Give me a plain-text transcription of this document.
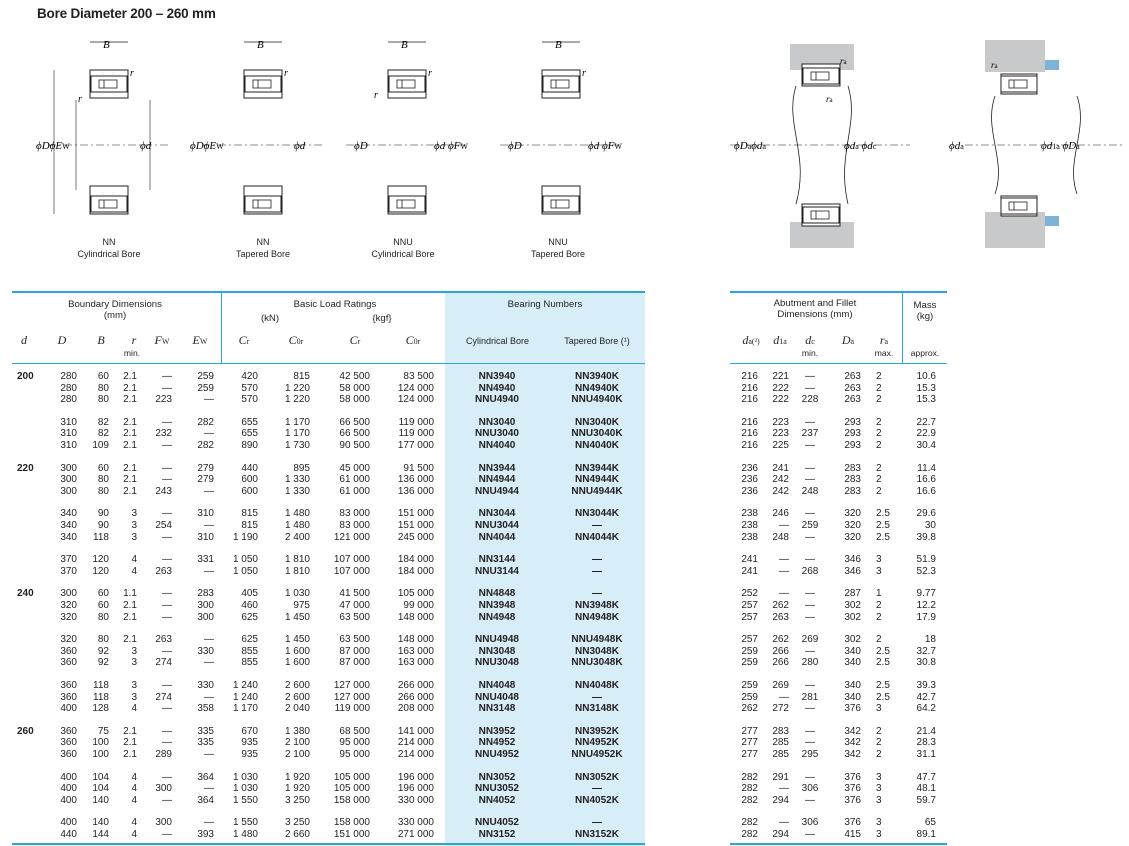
Bore Diameter 200 – 260 mm
B
ϕDϕEW	ϕd
r
r
B
ϕDϕEW	ϕd
r
B
ϕD	ϕd ϕFW
r
r
B
ϕD	ϕd ϕFW
r
ϕDaϕda	ϕda ϕdc
ra
ra
ϕda	ϕd1a ϕDa
ra
NN
Cylindrical Bore
NN
Tapered Bore
NNU
Cylindrical Bore
NNU
Tapered Bore
Boundary Dimensions
(mm)
Basic Load Ratings
(kN)	{kgf}
Bearing Numbers
Cylindrical Bore	Tapered Bore (¹)
Abutment and Fillet
Dimensions (mm)
Mass
(kg)
d	D	B	r
min.
FW	EW	Cr	C0r	Cr	C0r	da(²)	d1a	dc
min.
Da	ra
max.	approx.
200	280	60	2.1	—	259	420	815	42 500	83 500	NN3940	NN3940K	216	221	—	263 2	10.6
280	80	2.1	—	259	570	1 220	58 000	124 000	NN4940	NN4940K	216	222	—	263 2	15.3
280	80	2.1	223	—	570	1 220	58 000	124 000	NNU4940	NNU4940K	216	222	228	263 2	15.3
310	82	2.1	—	282	655	1 170	66 500	119 000	NN3040	NN3040K	216	223	—	293 2	22.7
310	82	2.1	232	—	655	1 170	66 500	119 000	NNU3040	NNU3040K	216	223	237	293 2	22.9
310	109	2.1	—	282	890	1 730	90 500	177 000	NN4040	NN4040K	216	225	—	293 2	30.4
220	300	60	2.1	—	279	440	895	45 000	91 500	NN3944	NN3944K	236	241	—	283 2	11.4
300	80	2.1	—	279	600	1 330	61 000	136 000	NN4944	NN4944K	236	242	—	283 2	16.6
300	80	2.1	243	—	600	1 330	61 000	136 000	NNU4944	NNU4944K	236	242	248	283 2	16.6
340	90	3	—	310	815	1 480	83 000	151 000	NN3044	NN3044K	238	246	—	320 2.5	29.6
340	90	3	254	—	815	1 480	83 000	151 000	NNU3044	—	238	—	259	320 2.5	30
340	118	3	—	310	1 190	2 400	121 000	245 000	NN4044	NN4044K	238	248	—	320 2.5	39.8
370	120	4	—	331	1 050	1 810	107 000	184 000	NN3144	—	241	—	—	346 3	51.9
370	120	4	263	—	1 050	1 810	107 000	184 000	NNU3144	—	241	—	268	346 3	52.3
240	300	60	1.1	—	283	405	1 030	41 500	105 000	NN4848	—	252	—	—	287 1	9.77
320	60	2.1	—	300	460	975	47 000	99 000	NN3948	NN3948K	257	262	—	302 2	12.2
320	80	2.1	—	300	625	1 450	63 500	148 000	NN4948	NN4948K	257	263	—	302 2	17.9
320	80	2.1	263	—	625	1 450	63 500	148 000	NNU4948	NNU4948K	257	262	269	302 2	18
360	92	3	—	330	855	1 600	87 000	163 000	NN3048	NN3048K	259	266	—	340 2.5	32.7
360	92	3	274	—	855	1 600	87 000	163 000	NNU3048	NNU3048K	259	266	280	340 2.5	30.8
360	118	3	—	330	1 240	2 600	127 000	266 000	NN4048	NN4048K	259	269	—	340 2.5	39.3
360	118	3	274	—	1 240	2 600	127 000	266 000	NNU4048	—	259	—	281	340 2.5	42.7
400	128	4	—	358	1 170	2 040	119 000	208 000	NN3148	NN3148K	262	272	—	376 3	64.2
260	360	75	2.1	—	335	670	1 380	68 500	141 000	NN3952	NN3952K	277	283	—	342 2	21.4
360	100	2.1	—	335	935	2 100	95 000	214 000	NN4952	NN4952K	277	285	—	342 2	28.3
360	100	2.1	289	—	935	2 100	95 000	214 000	NNU4952	NNU4952K	277	285	295	342 2	31.1
400	104	4	—	364	1 030	1 920	105 000	196 000	NN3052	NN3052K	282	291	—	376 3	47.7
400	104	4	300	—	1 030	1 920	105 000	196 000	NNU3052	—	282	—	306	376 3	48.1
400	140	4	—	364	1 550	3 250	158 000	330 000	NN4052	NN4052K	282	294	—	376 3	59.7
400	140	4	300	—	1 550	3 250	158 000	330 000	NNU4052	—	282	—	306	376 3	65
440	144	4	—	393	1 480	2 660	151 000	271 000	NN3152	NN3152K	282	294	—	415 3	89.1
